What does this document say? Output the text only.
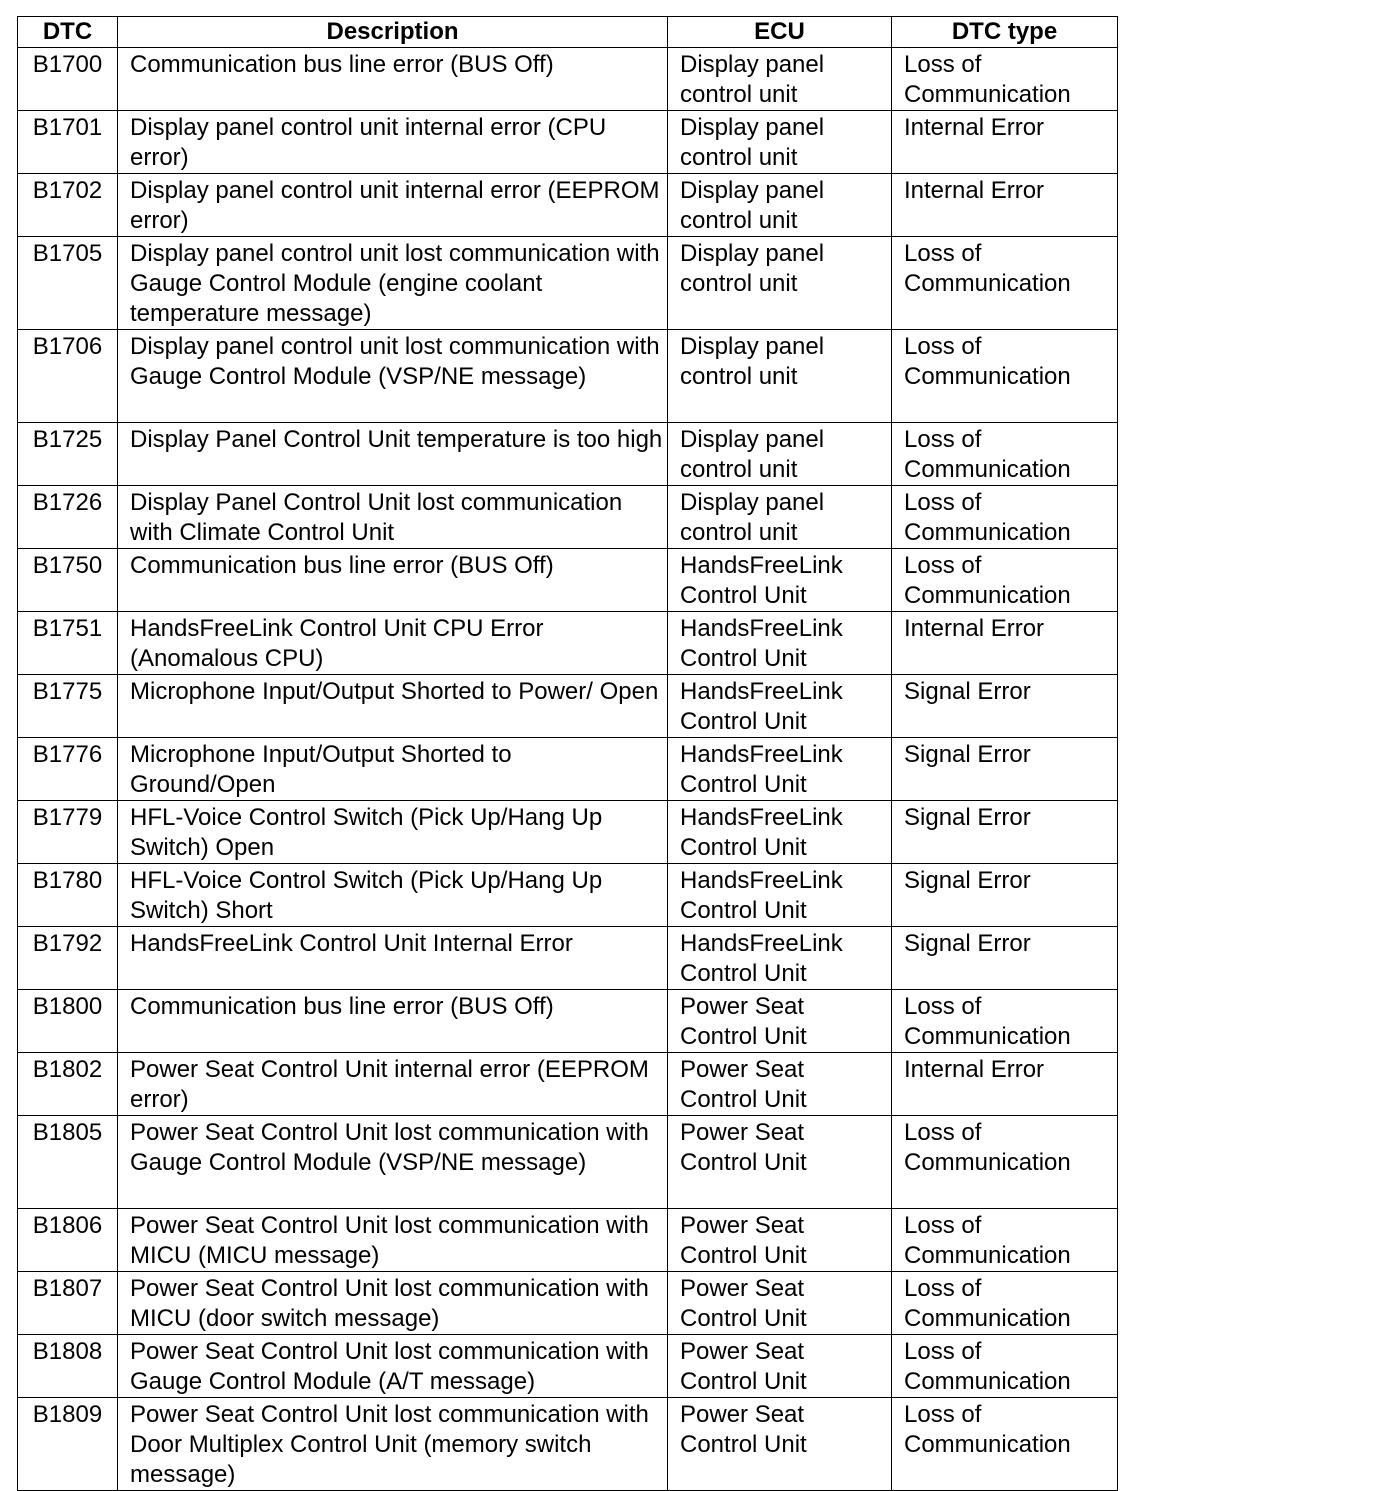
DTC	Description	ECU	DTC type
B1700	Communication bus line error (BUS Off)	Display panel control unit	Loss of Communication
B1701	Display panel control unit internal error (CPU error)	Display panel control unit	Internal Error
B1702	Display panel control unit internal error (EEPROM error)	Display panel control unit	Internal Error
B1705	Display panel control unit lost communication with Gauge Control Module (engine coolant temperature message)	Display panel control unit	Loss of Communication
B1706	Display panel control unit lost communication with Gauge Control Module (VSP/NE message)	Display panel control unit	Loss of Communication
B1725	Display Panel Control Unit temperature is too high	Display panel control unit	Loss of Communication
B1726	Display Panel Control Unit lost communication with Climate Control Unit	Display panel control unit	Loss of Communication
B1750	Communication bus line error (BUS Off)	HandsFreeLink Control Unit	Loss of Communication
B1751	HandsFreeLink Control Unit CPU Error (Anomalous CPU)	HandsFreeLink Control Unit	Internal Error
B1775	Microphone Input/Output Shorted to Power/ Open	HandsFreeLink Control Unit	Signal Error
B1776	Microphone Input/Output Shorted to Ground/Open	HandsFreeLink Control Unit	Signal Error
B1779	HFL-Voice Control Switch (Pick Up/Hang Up Switch) Open	HandsFreeLink Control Unit	Signal Error
B1780	HFL-Voice Control Switch (Pick Up/Hang Up Switch) Short	HandsFreeLink Control Unit	Signal Error
B1792	HandsFreeLink Control Unit Internal Error	HandsFreeLink Control Unit	Signal Error
B1800	Communication bus line error (BUS Off)	Power Seat Control Unit	Loss of Communication
B1802	Power Seat Control Unit internal error (EEPROM error)	Power Seat Control Unit	Internal Error
B1805	Power Seat Control Unit lost communication with Gauge Control Module (VSP/NE message)	Power Seat Control Unit	Loss of Communication
B1806	Power Seat Control Unit lost communication with MICU (MICU message)	Power Seat Control Unit	Loss of Communication
B1807	Power Seat Control Unit lost communication with MICU (door switch message)	Power Seat Control Unit	Loss of Communication
B1808	Power Seat Control Unit lost communication with Gauge Control Module (A/T message)	Power Seat Control Unit	Loss of Communication
B1809	Power Seat Control Unit lost communication with Door Multiplex Control Unit (memory switch message)	Power Seat Control Unit	Loss of Communication
